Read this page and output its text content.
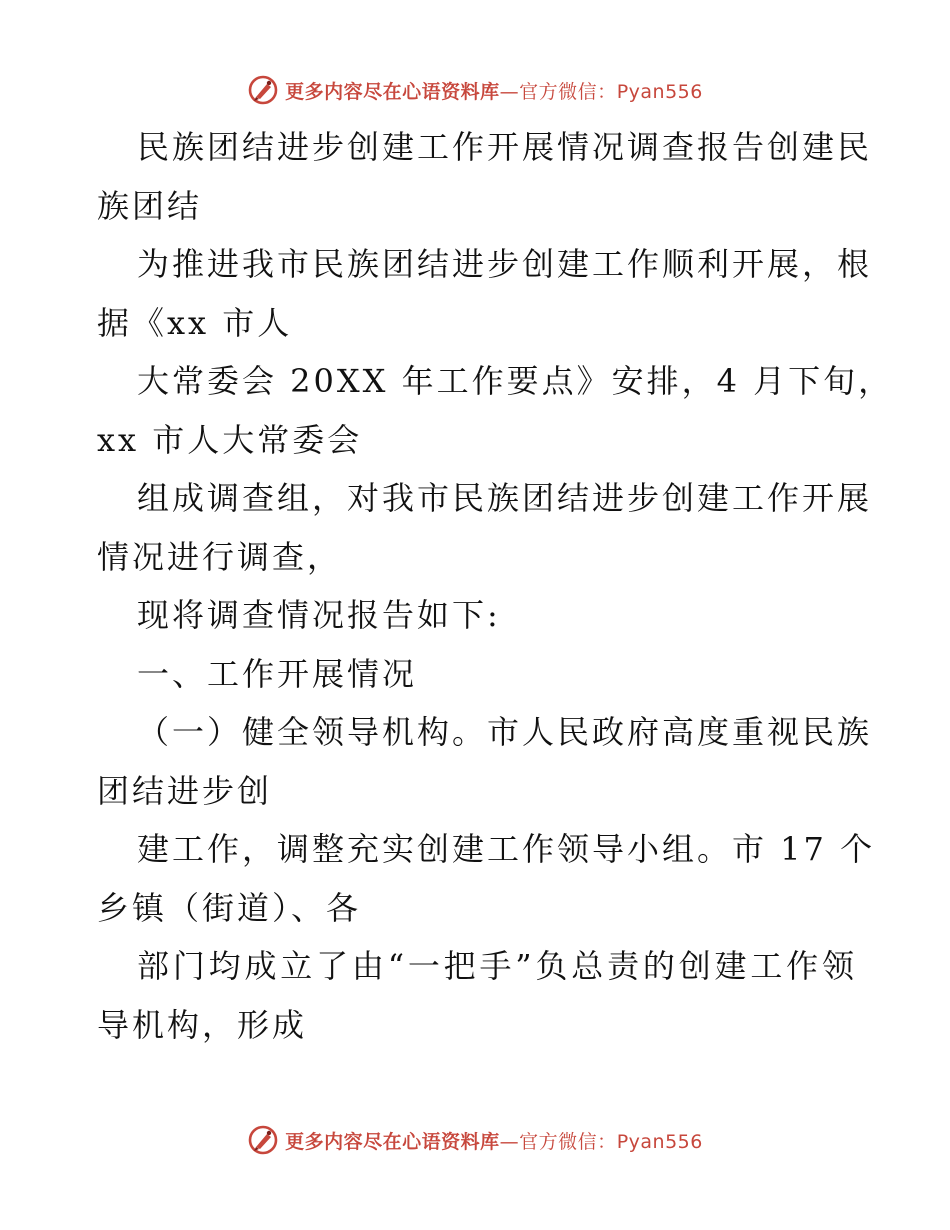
更多内容尽在心语资料库—官方微信：Pyan556
民族团结进步创建工作开展情况调查报告创建民
族团结
为推进我市民族团结进步创建工作顺利开展，根
据《xx 市人
大常委会 20XX 年工作要点》安排，4 月下旬，
xx 市人大常委会
组成调查组，对我市民族团结进步创建工作开展
情况进行调查，
现将调查情况报告如下:
一、工作开展情况
（一）健全领导机构。市人民政府高度重视民族
团结进步创
建工作，调整充实创建工作领导小组。市 17 个
乡镇（街道）、各
部门均成立了由“一把手”负总责的创建工作领
导机构，形成
更多内容尽在心语资料库—官方微信：Pyan556
